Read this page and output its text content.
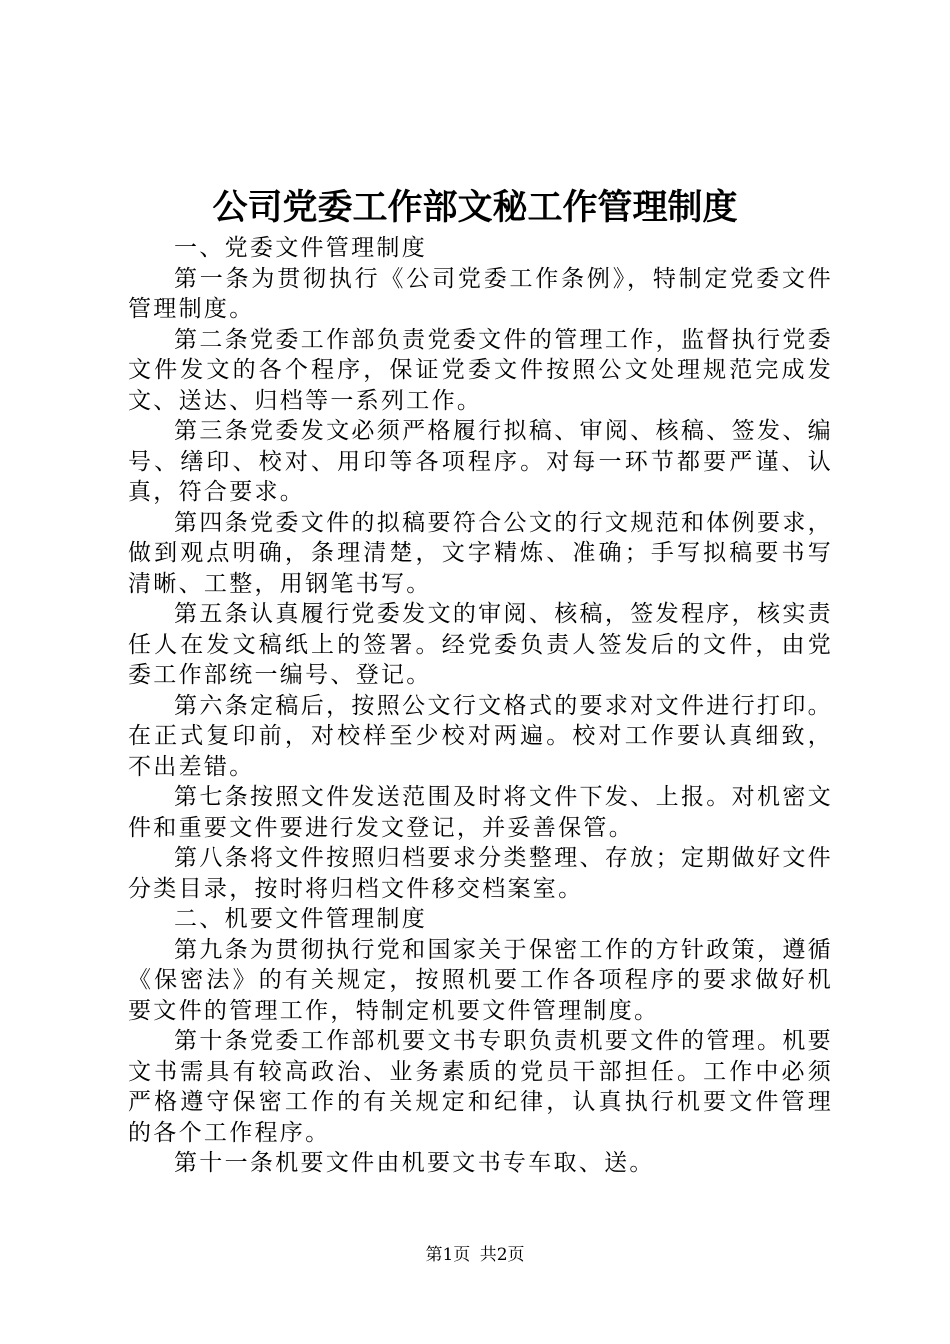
公司党委工作部文秘工作管理制度

一、党委文件管理制度

第一条为贯彻执行《公司党委工作条例》，特制定党委文件管理制度。

第二条党委工作部负责党委文件的管理工作，监督执行党委文件发文的各个程序，保证党委文件按照公文处理规范完成发文、送达、归档等一系列工作。

第三条党委发文必须严格履行拟稿、审阅、核稿、签发、编号、缮印、校对、用印等各项程序。对每一环节都要严谨、认真，符合要求。

第四条党委文件的拟稿要符合公文的行文规范和体例要求，做到观点明确，条理清楚，文字精炼、准确；手写拟稿要书写清晰、工整，用钢笔书写。

第五条认真履行党委发文的审阅、核稿，签发程序，核实责任人在发文稿纸上的签署。经党委负责人签发后的文件，由党委工作部统一编号、登记。

第六条定稿后，按照公文行文格式的要求对文件进行打印。在正式复印前，对校样至少校对两遍。校对工作要认真细致，不出差错。

第七条按照文件发送范围及时将文件下发、上报。对机密文件和重要文件要进行发文登记，并妥善保管。

第八条将文件按照归档要求分类整理、存放；定期做好文件分类目录，按时将归档文件移交档案室。

二、机要文件管理制度

第九条为贯彻执行党和国家关于保密工作的方针政策，遵循《保密法》的有关规定，按照机要工作各项程序的要求做好机要文件的管理工作，特制定机要文件管理制度。

第十条党委工作部机要文书专职负责机要文件的管理。机要文书需具有较高政治、业务素质的党员干部担任。工作中必须严格遵守保密工作的有关规定和纪律，认真执行机要文件管理的各个工作程序。

第十一条机要文件由机要文书专车取、送。

第1页 共2页
